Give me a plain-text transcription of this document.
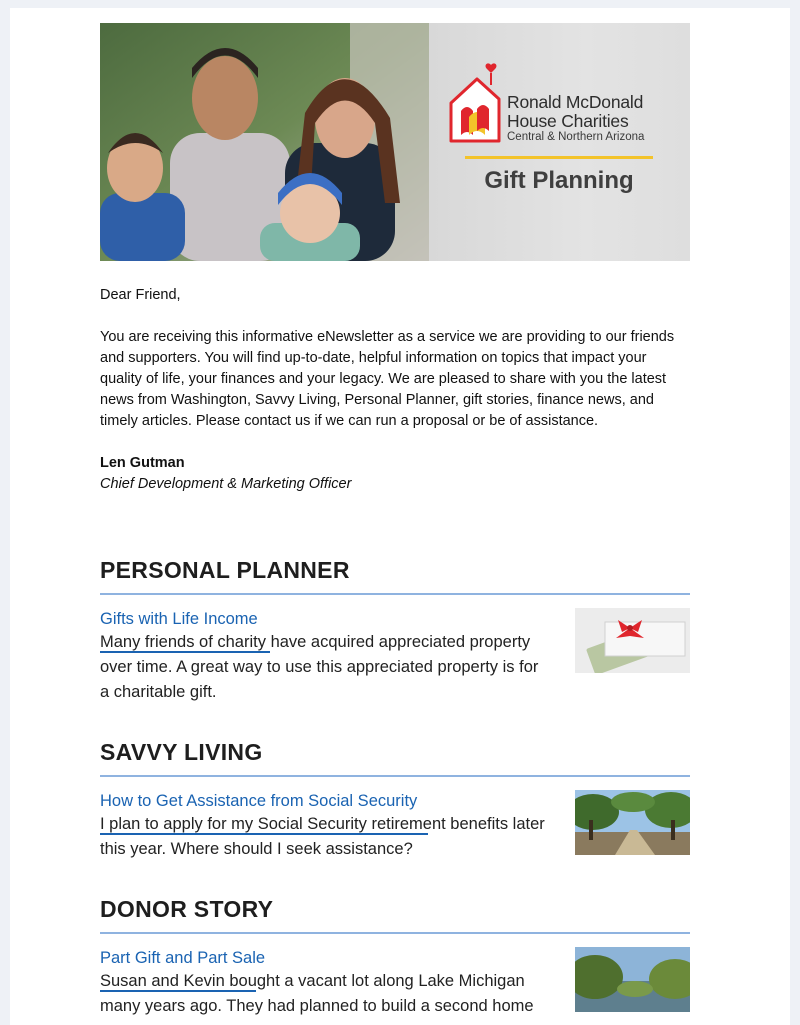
Ronald McDonald
House Charities
Central & Northern Arizona
Gift Planning
Dear Friend,
You are receiving this informative eNewsletter as a service we are providing to our friends and supporters. You will find up-to-date, helpful information on topics that impact your quality of life, your finances and your legacy. We are pleased to share with you the latest news from Washington, Savvy Living, Personal Planner, gift stories, finance news, and timely articles. Please contact us if we can run a proposal or be of assistance.
Len Gutman
Chief Development & Marketing Officer
PERSONAL PLANNER
Gifts with Life Income
Many friends of charity have acquired appreciated property over time. A great way to use this appreciated property is for a charitable gift.
SAVVY LIVING
How to Get Assistance from Social Security
I plan to apply for my Social Security retirement benefits later this year. Where should I seek assistance?
DONOR STORY
Part Gift and Part Sale
Susan and Kevin bought a vacant lot along Lake Michigan many years ago. They had planned to build a second home
